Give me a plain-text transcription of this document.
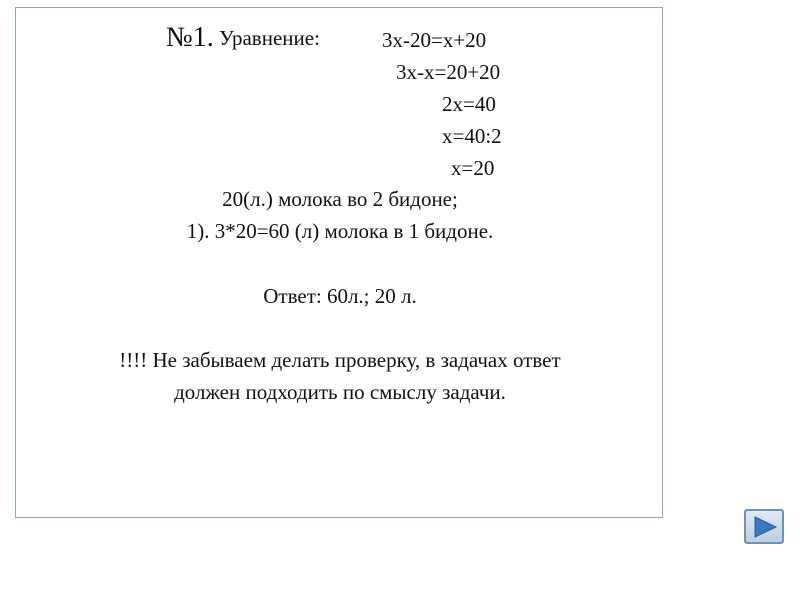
№1. Уравнение:	3х-20=х+20
3х-х=20+20
2х=40
х=40:2
х=20
20(л.) молока во 2 бидоне;
1). 3*20=60 (л) молока в 1 бидоне.
Ответ: 60л.; 20 л.
!!!! Не забываем делать проверку, в задачах ответ
должен подходить по смыслу задачи.
